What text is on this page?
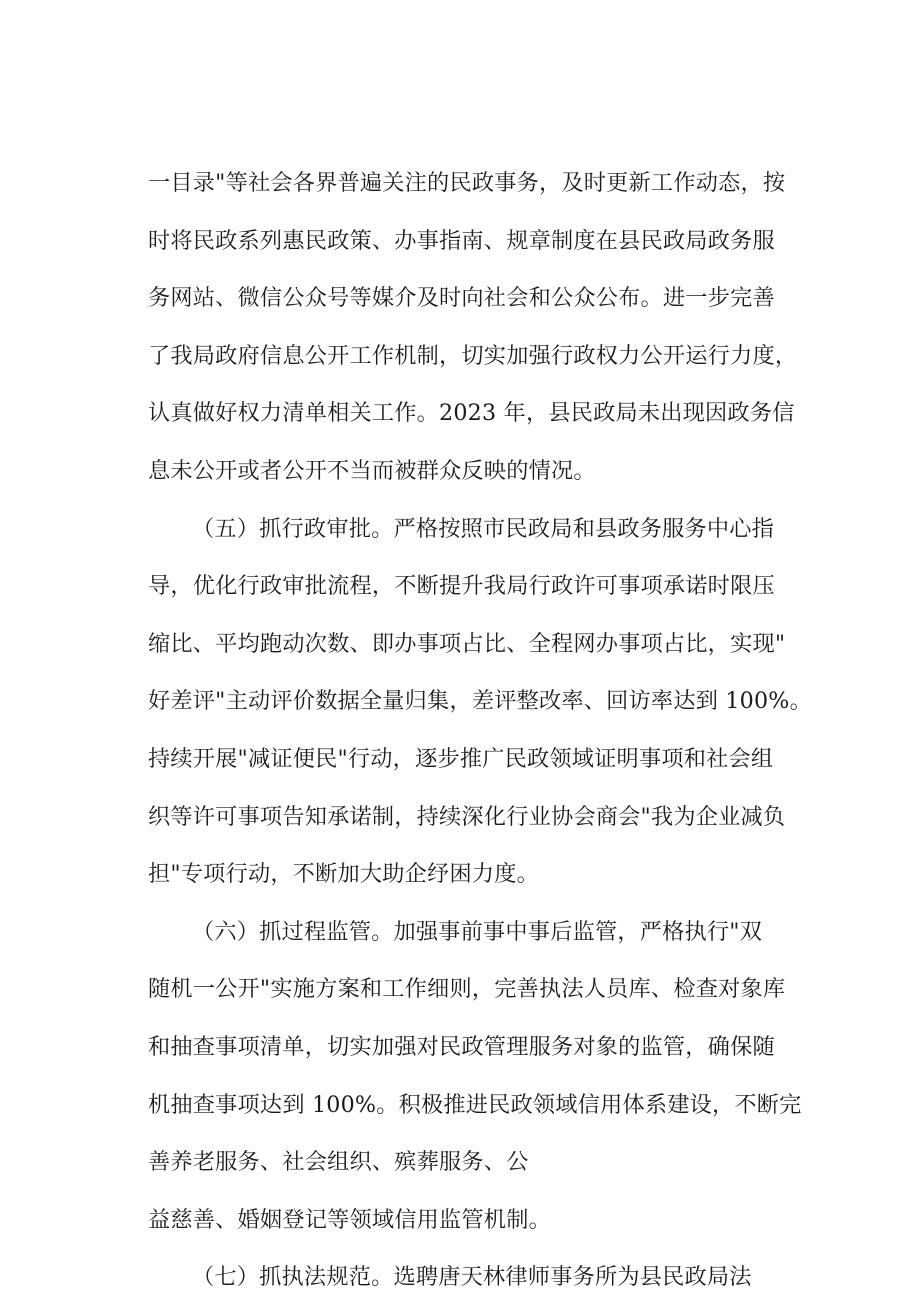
一目录"等社会各界普遍关注的民政事务，及时更新工作动态，按
时将民政系列惠民政策、办事指南、规章制度在县民政局政务服
务网站、微信公众号等媒介及时向社会和公众公布。进一步完善
了我局政府信息公开工作机制，切实加强行政权力公开运行力度，
认真做好权力清单相关工作。2023 年，县民政局未出现因政务信
息未公开或者公开不当而被群众反映的情况。
（五）抓行政审批。严格按照市民政局和县政务服务中心指
导，优化行政审批流程，不断提升我局行政许可事项承诺时限压
缩比、平均跑动次数、即办事项占比、全程网办事项占比，实现"
好差评"主动评价数据全量归集，差评整改率、回访率达到 100%。
持续开展"减证便民"行动，逐步推广民政领域证明事项和社会组
织等许可事项告知承诺制，持续深化行业协会商会"我为企业减负
担"专项行动，不断加大助企纾困力度。
（六）抓过程监管。加强事前事中事后监管，严格执行"双
随机一公开"实施方案和工作细则，完善执法人员库、检查对象库
和抽查事项清单，切实加强对民政管理服务对象的监管，确保随
机抽查事项达到 100%。积极推进民政领域信用体系建设，不断完
善养老服务、社会组织、殡葬服务、公
益慈善、婚姻登记等领域信用监管机制。
（七）抓执法规范。选聘唐天林律师事务所为县民政局法
